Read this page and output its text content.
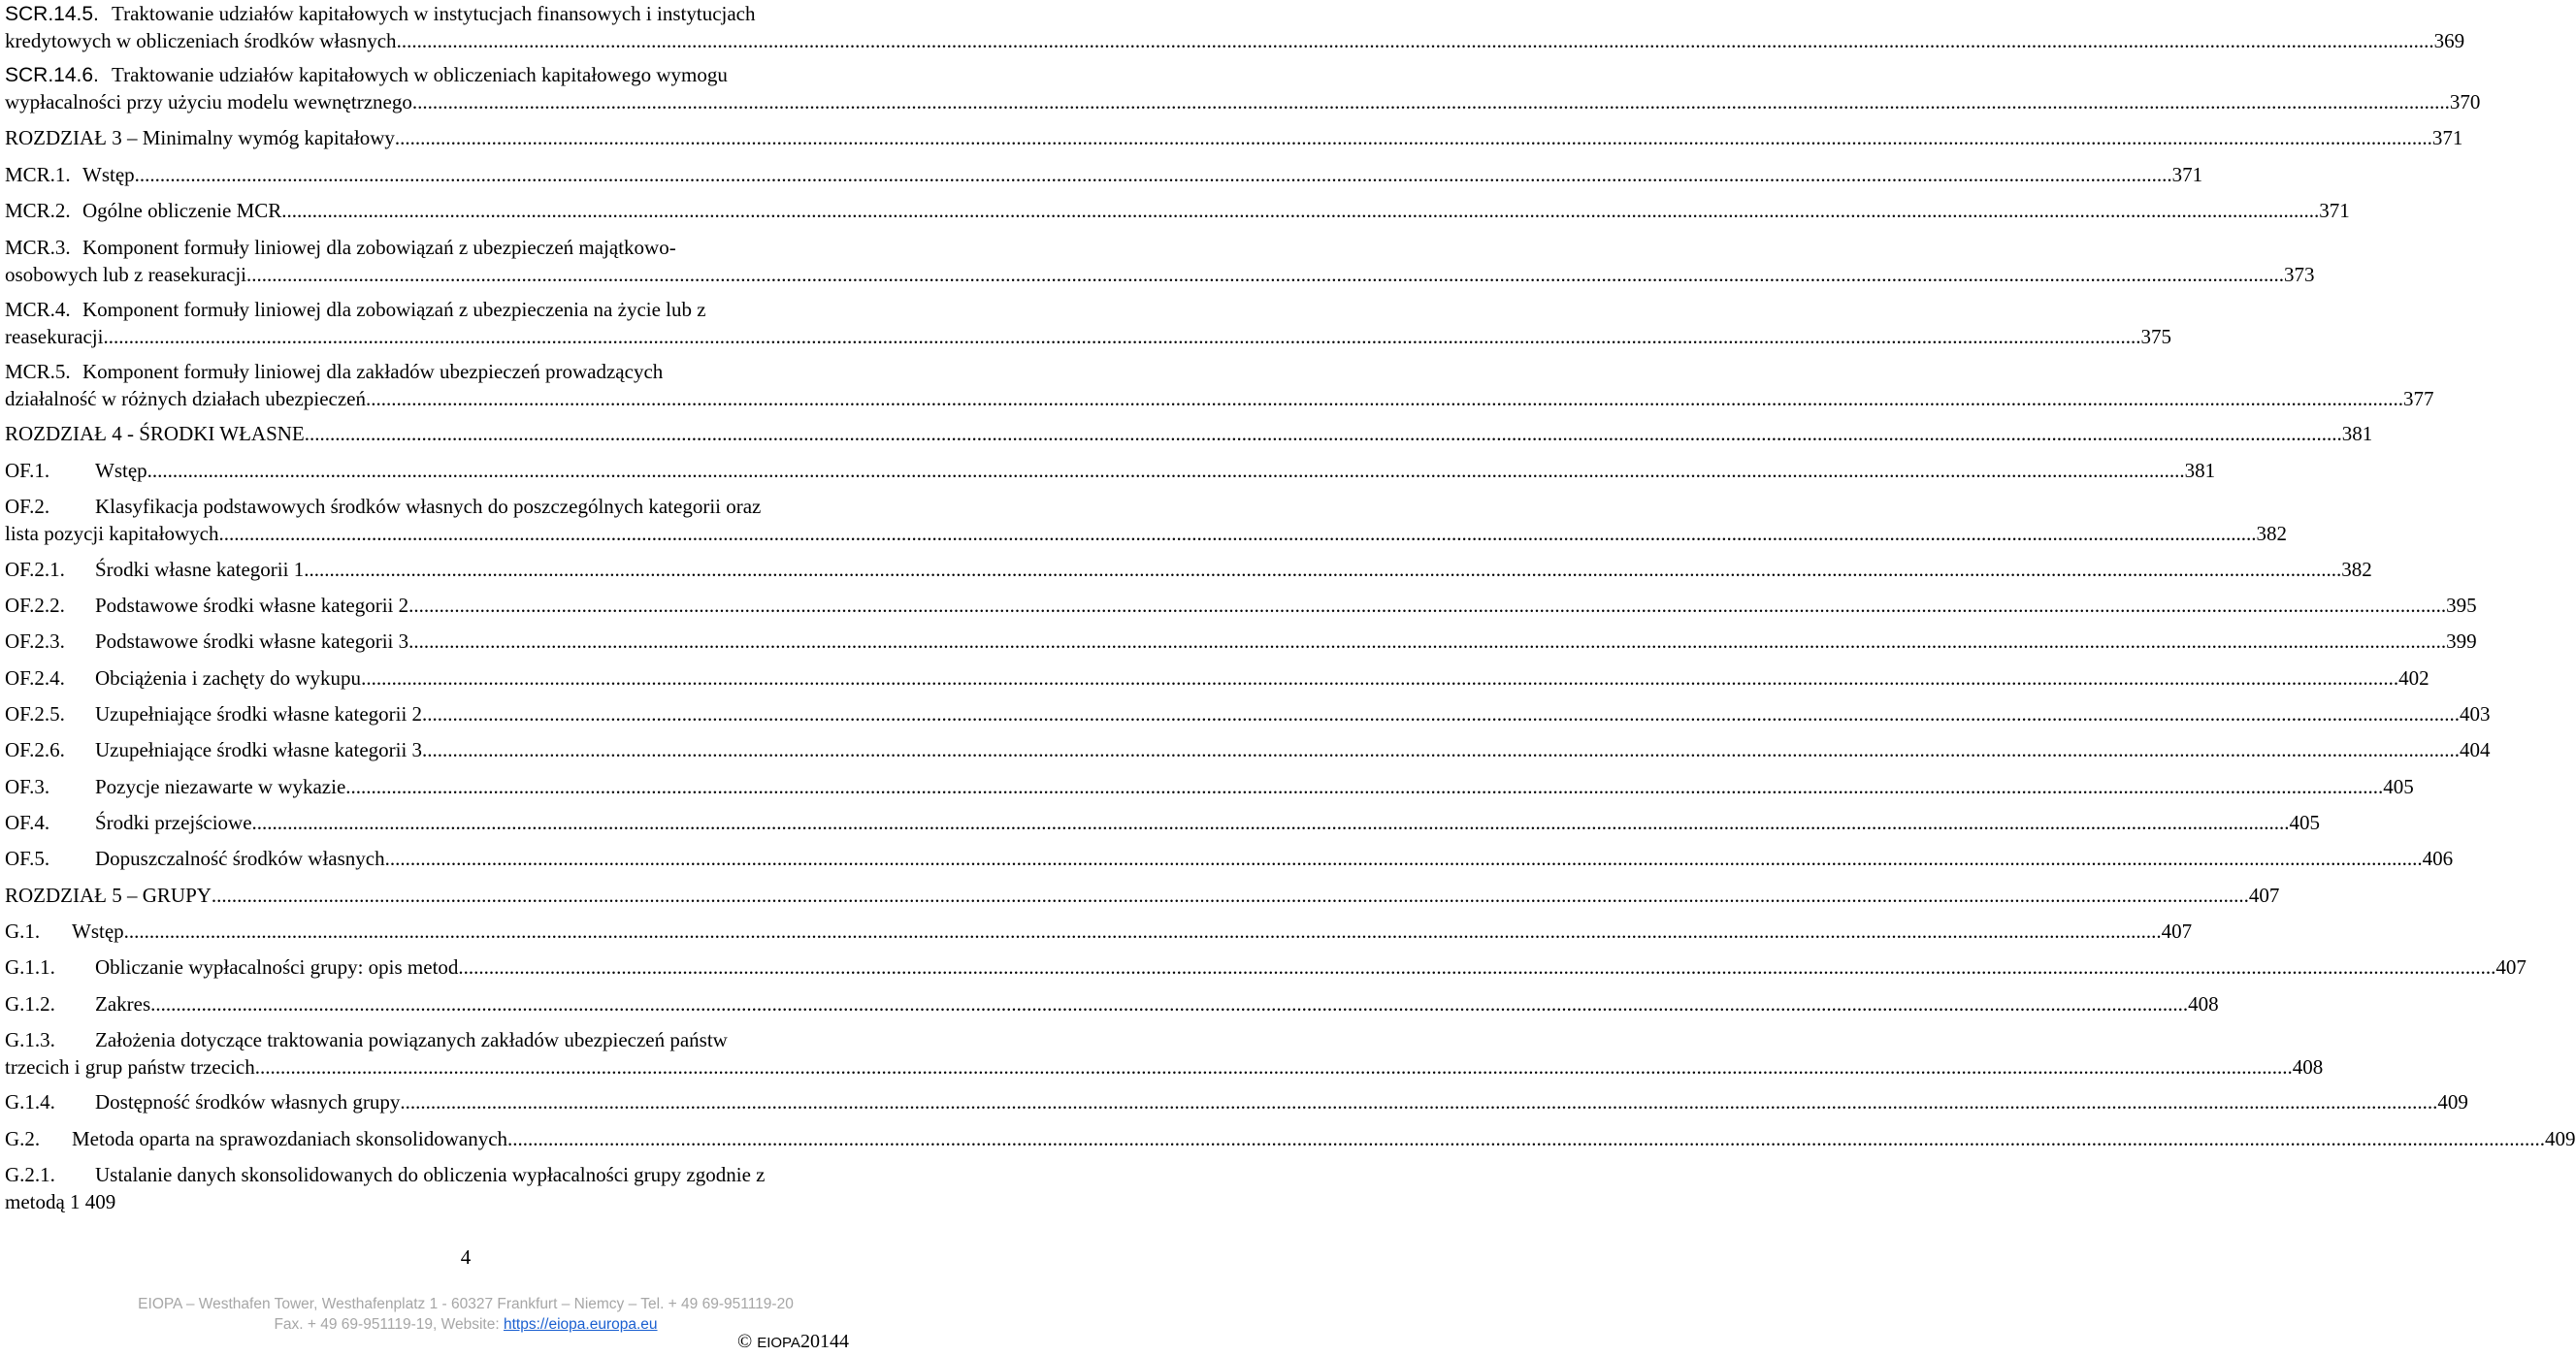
SCR.14.5. Traktowanie udziałów kapitałowych w instytucjach finansowych i instytucjach
kredytowych w obliczeniach środków własnych ................................................................................................................................................................................................................................................................................................................................................................................................................ 369
SCR.14.6. Traktowanie udziałów kapitałowych w obliczeniach kapitałowego wymogu
wypłacalności przy użyciu modelu wewnętrznego ................................................................................................................................................................................................................................................................................................................................................................................................................ 370
ROZDZIAŁ 3 – Minimalny wymóg kapitałowy ................................................................................................................................................................................................................................................................................................................................................................................................................ 371
MCR.1. Wstęp ................................................................................................................................................................................................................................................................................................................................................................................................................ 371
MCR.2. Ogólne obliczenie MCR ................................................................................................................................................................................................................................................................................................................................................................................................................ 371
MCR.3. Komponent formuły liniowej dla zobowiązań z ubezpieczeń majątkowo-
osobowych lub z reasekuracji ................................................................................................................................................................................................................................................................................................................................................................................................................ 373
MCR.4. Komponent formuły liniowej dla zobowiązań z ubezpieczenia na życie lub z
reasekuracji ................................................................................................................................................................................................................................................................................................................................................................................................................ 375
MCR.5. Komponent formuły liniowej dla zakładów ubezpieczeń prowadzących
działalność w różnych działach ubezpieczeń ................................................................................................................................................................................................................................................................................................................................................................................................................ 377
ROZDZIAŁ 4 - ŚRODKI WŁASNE ................................................................................................................................................................................................................................................................................................................................................................................................................ 381
OF.1.	Wstęp ................................................................................................................................................................................................................................................................................................................................................................................................................ 381
OF.2.	Klasyfikacja podstawowych środków własnych do poszczególnych kategorii oraz
lista pozycji kapitałowych ................................................................................................................................................................................................................................................................................................................................................................................................................ 382
OF.2.1.	Środki własne kategorii 1 ................................................................................................................................................................................................................................................................................................................................................................................................................ 382
OF.2.2.	Podstawowe środki własne kategorii 2 ................................................................................................................................................................................................................................................................................................................................................................................................................ 395
OF.2.3.	Podstawowe środki własne kategorii 3 ................................................................................................................................................................................................................................................................................................................................................................................................................ 399
OF.2.4.	Obciążenia i zachęty do wykupu ................................................................................................................................................................................................................................................................................................................................................................................................................ 402
OF.2.5.	Uzupełniające środki własne kategorii 2 ................................................................................................................................................................................................................................................................................................................................................................................................................ 403
OF.2.6.	Uzupełniające środki własne kategorii 3 ................................................................................................................................................................................................................................................................................................................................................................................................................ 404
OF.3.	Pozycje niezawarte w wykazie ................................................................................................................................................................................................................................................................................................................................................................................................................ 405
OF.4.	Środki przejściowe ................................................................................................................................................................................................................................................................................................................................................................................................................ 405
OF.5.	Dopuszczalność środków własnych ................................................................................................................................................................................................................................................................................................................................................................................................................ 406
ROZDZIAŁ 5 – GRUPY ................................................................................................................................................................................................................................................................................................................................................................................................................ 407
G.1.	Wstęp ................................................................................................................................................................................................................................................................................................................................................................................................................ 407
G.1.1.	Obliczanie wypłacalności grupy: opis metod ................................................................................................................................................................................................................................................................................................................................................................................................................ 407
G.1.2.	Zakres ................................................................................................................................................................................................................................................................................................................................................................................................................ 408
G.1.3.	Założenia dotyczące traktowania powiązanych zakładów ubezpieczeń państw
trzecich i grup państw trzecich ................................................................................................................................................................................................................................................................................................................................................................................................................ 408
G.1.4.	Dostępność środków własnych grupy ................................................................................................................................................................................................................................................................................................................................................................................................................ 409
G.2.	Metoda oparta na sprawozdaniach skonsolidowanych ................................................................................................................................................................................................................................................................................................................................................................................................................ 409
G.2.1.	Ustalanie danych skonsolidowanych do obliczenia wypłacalności grupy zgodnie z
metodą 1 409
4
EIOPA – Westhafen Tower, Westhafenplatz 1 - 60327 Frankfurt – Niemcy – Tel. + 49 69-951119-20
Fax. + 49 69-951119-19, Website: https://eiopa.europa.eu
© EIOPA20144
